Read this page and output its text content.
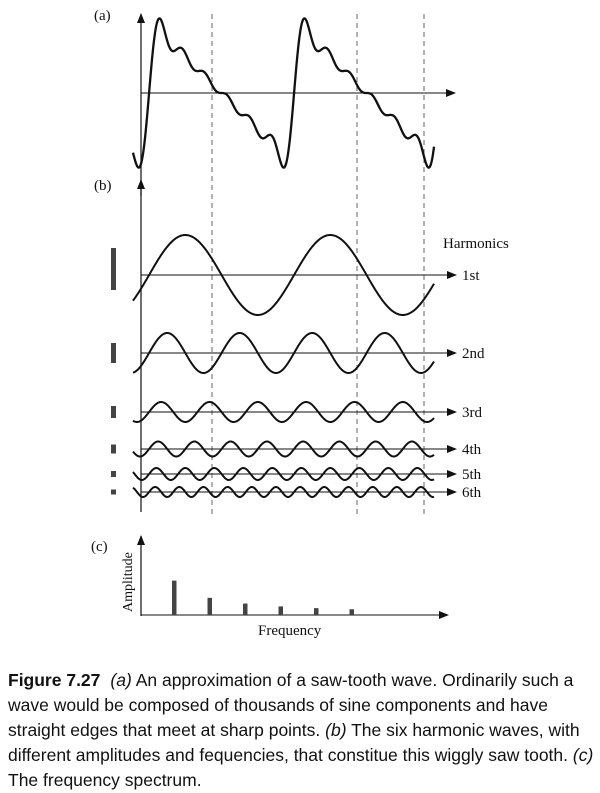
(a)
(b)
Harmonics
1st
2nd
3rd
4th
5th
6th
(c)
Amplitude
Frequency

Figure 7.27 (a) An approximation of a saw-tooth wave. Ordinarily such a wave would be composed of thousands of sine components and have straight edges that meet at sharp points. (b) The six harmonic waves, with different amplitudes and fequencies, that constitue this wiggly saw tooth. (c) The frequency spectrum.
